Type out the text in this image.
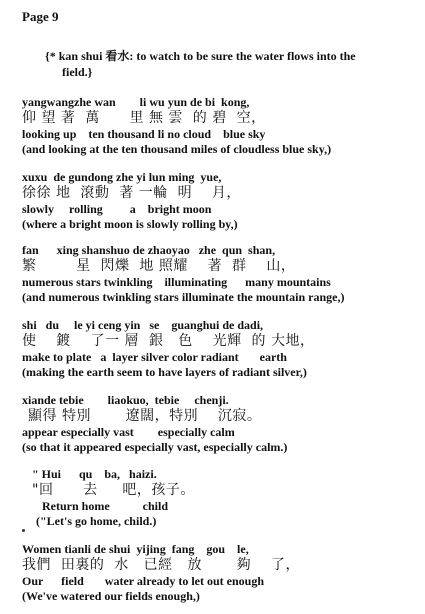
Page 9
{* kan shui 看水: to watch to be sure the water flows into the
field.}
yangwangzhe wan        li wu yun de bi  kong,
仰 望 著  萬      里 無 雲  的 碧  空，
looking up    ten thousand li no cloud    blue sky
(and looking at the ten thousand miles of cloudless blue sky,)
xuxu  de gundong zhe yi lun ming  yue,
徐徐 地  滾動  著 一輪  明    月，
slowly     rolling         a    bright moon
(where a bright moon is slowly rolling by,)
fan      xing shanshuo de zhaoyao   zhe  qun  shan,
繁        星  閃爍  地 照耀    著  群    山，
numerous stars twinkling    illuminating      many mountains
(and numerous twinkling stars illuminate the mountain range,)
shi   du     le yi ceng yin   se    guanghui de dadi,
使    鍍    了一 層  銀   色    光輝  的 大地，
make to plate   a  layer silver color radiant       earth
(making the earth seem to have layers of radiant silver,)
xiande tebie        liaokuo,  tebie     chenji.
顯得 特別       遼闊，特別    沉寂。
appear especially vast        especially calm
(so that it appeared especially vast, especially calm.)
" Hui      qu    ba,   haizi.
"回      去     吧，孩子。
Return home           child
("Let's go home, child.)
Women tianli de shui  yijing  fang    gou    le,
我們  田裏的  水   已經   放       夠    了，
Our      field       water already to let out enough
(We've watered our fields enough,)
